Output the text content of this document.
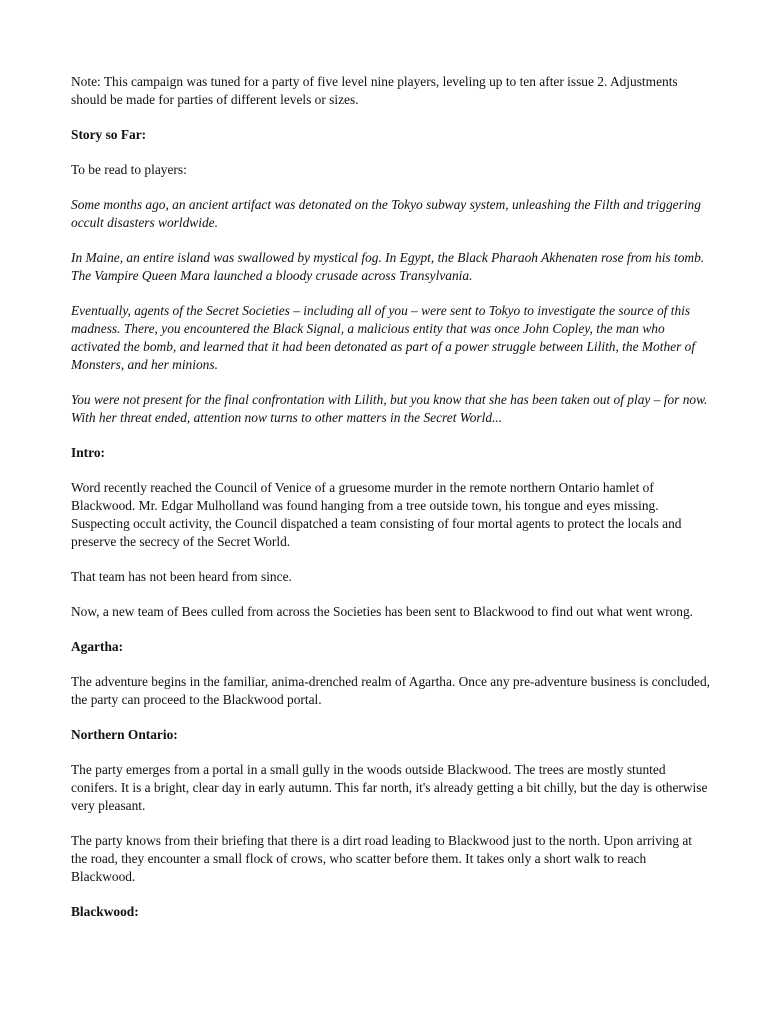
Note: This campaign was tuned for a party of five level nine players, leveling up to ten after issue 2. Adjustments should be made for parties of different levels or sizes.

Story so Far:

To be read to players:

Some months ago, an ancient artifact was detonated on the Tokyo subway system, unleashing the Filth and triggering occult disasters worldwide.

In Maine, an entire island was swallowed by mystical fog. In Egypt, the Black Pharaoh Akhenaten rose from his tomb. The Vampire Queen Mara launched a bloody crusade across Transylvania.

Eventually, agents of the Secret Societies – including all of you – were sent to Tokyo to investigate the source of this madness. There, you encountered the Black Signal, a malicious entity that was once John Copley, the man who activated the bomb, and learned that it had been detonated as part of a power struggle between Lilith, the Mother of Monsters, and her minions.

You were not present for the final confrontation with Lilith, but you know that she has been taken out of play – for now. With her threat ended, attention now turns to other matters in the Secret World...

Intro:

Word recently reached the Council of Venice of a gruesome murder in the remote northern Ontario hamlet of Blackwood. Mr. Edgar Mulholland was found hanging from a tree outside town, his tongue and eyes missing. Suspecting occult activity, the Council dispatched a team consisting of four mortal agents to protect the locals and preserve the secrecy of the Secret World.

That team has not been heard from since.

Now, a new team of Bees culled from across the Societies has been sent to Blackwood to find out what went wrong.

Agartha:

The adventure begins in the familiar, anima-drenched realm of Agartha. Once any pre-adventure business is concluded, the party can proceed to the Blackwood portal.

Northern Ontario:

The party emerges from a portal in a small gully in the woods outside Blackwood. The trees are mostly stunted conifers. It is a bright, clear day in early autumn. This far north, it's already getting a bit chilly, but the day is otherwise very pleasant.

The party knows from their briefing that there is a dirt road leading to Blackwood just to the north. Upon arriving at the road, they encounter a small flock of crows, who scatter before them. It takes only a short walk to reach Blackwood.

Blackwood:
